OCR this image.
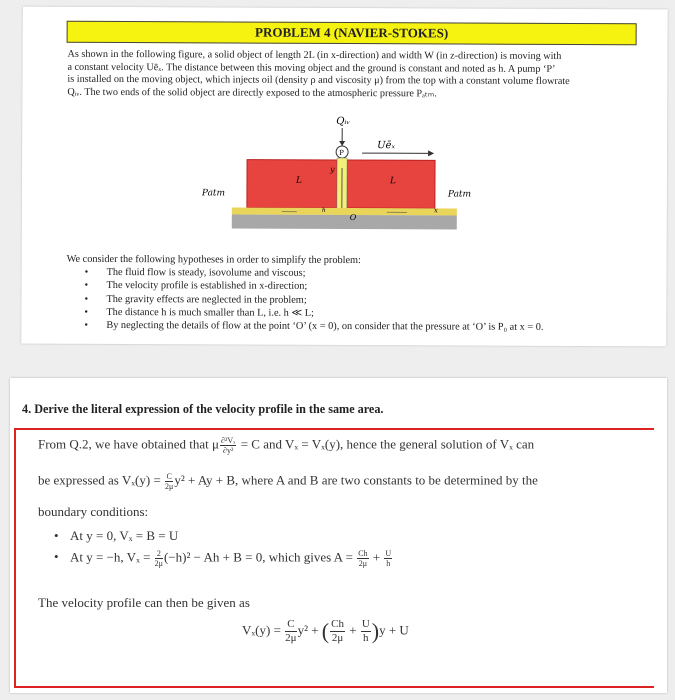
PROBLEM 4 (NAVIER-STOKES)

As shown in the following figure, a solid object of length 2L (in x-direction) and width W (in z-direction) is moving with

a constant velocity Uēₓ. The distance between this moving object and the ground is constant and noted as h. A pump ‘P’

is installed on the moving object, which injects oil (density ρ and viscosity μ) from the top with a constant volume flowrate

Qᵢᵥ. The two ends of the solid object are directly exposed to the atmospheric pressure Pₐₜₘ.

Qᵢᵥ
Uēₓ
P
L	L
y
O
h	x
Patm	Patm
We consider the following hypotheses in order to simplify the problem:
• The fluid flow is steady, isovolume and viscous;
• The velocity profile is established in x-direction;
• The gravity effects are neglected in the problem;
• The distance h is much smaller than L, i.e. h ≪ L;
• By neglecting the details of flow at the point ‘O’ (x = 0), on consider that the pressure at ‘O’ is P₀ at x = 0.
4. Derive the literal expression of the velocity profile in the same area.
From Q.2, we have obtained that μ $\frac{\text{∂²Vₓ}}{\text{∂y²}} = C$ and Vₓ = Vₓ(y), hence the general solution of Vₓ can
be expressed as $V_x(y) = \frac{C}{2\mu} y^2 + Ay + B$, where A and B are two constants to be determined by the
boundary conditions:
• At y = 0, Vₓ = B = U
• At y = −h, $V_x = \frac{2}{2\mu} (-h)^2 - Ah + B = 0$, which gives $A = \frac{Ch}{2\mu} + \frac{U}{h}$
The velocity profile can then be given as
$V_x(y) = \frac{C}{2\mu} y^2$ + ( $\frac{Ch}{2\mu} + \frac{U}{h} )y + U$
